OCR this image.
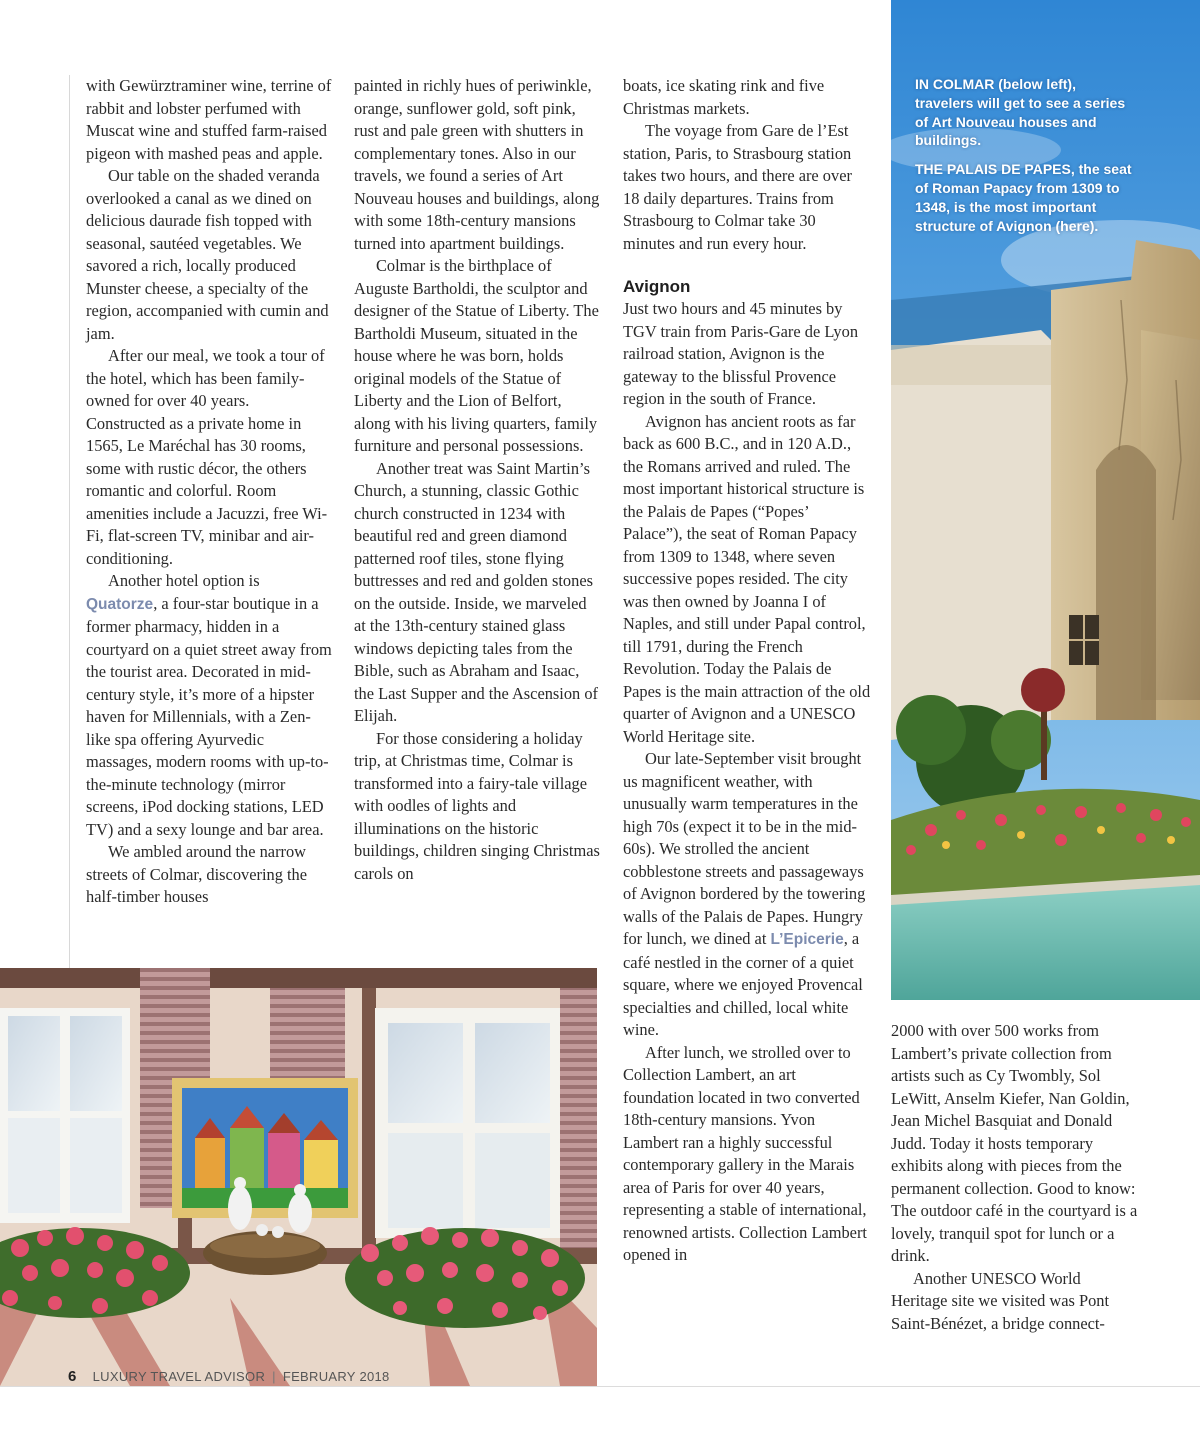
with Gewürztraminer wine, terrine of rabbit and lobster perfumed with Muscat wine and stuffed farm-raised pigeon with mashed peas and apple.

Our table on the shaded veranda overlooked a canal as we dined on delicious daurade fish topped with seasonal, sautéed vegetables. We savored a rich, locally produced Munster cheese, a specialty of the region, accompanied with cumin and jam.

After our meal, we took a tour of the hotel, which has been family-owned for over 40 years. Constructed as a private home in 1565, Le Maréchal has 30 rooms, some with rustic décor, the others romantic and colorful. Room amenities include a Jacuzzi, free Wi-Fi, flat-screen TV, minibar and air-conditioning.

Another hotel option is Quatorze, a four-star boutique in a former pharmacy, hidden in a courtyard on a quiet street away from the tourist area. Decorated in mid-century style, it’s more of a hipster haven for Millennials, with a Zen-like spa offering Ayurvedic massages, modern rooms with up-to-the-minute technology (mirror screens, iPod docking stations, LED TV) and a sexy lounge and bar area.

We ambled around the narrow streets of Colmar, discovering the half-timber houses

painted in richly hues of periwinkle, orange, sunflower gold, soft pink, rust and pale green with shutters in complementary tones. Also in our travels, we found a series of Art Nouveau houses and buildings, along with some 18th-century mansions turned into apartment buildings.

Colmar is the birthplace of Auguste Bartholdi, the sculptor and designer of the Statue of Liberty. The Bartholdi Museum, situated in the house where he was born, holds original models of the Statue of Liberty and the Lion of Belfort, along with his living quarters, family furniture and personal possessions.

Another treat was Saint Martin’s Church, a stunning, classic Gothic church constructed in 1234 with beautiful red and green diamond patterned roof tiles, stone flying buttresses and red and golden stones on the outside. Inside, we marveled at the 13th-century stained glass windows depicting tales from the Bible, such as Abraham and Isaac, the Last Supper and the Ascension of Elijah.

For those considering a holiday trip, at Christmas time, Colmar is transformed into a fairy-tale village with oodles of lights and illuminations on the historic buildings, children singing Christmas carols on

boats, ice skating rink and five Christmas markets.

The voyage from Gare de l’Est station, Paris, to Strasbourg station takes two hours, and there are over 18 daily departures. Trains from Strasbourg to Colmar take 30 minutes and run every hour.

Avignon

Just two hours and 45 minutes by TGV train from Paris-Gare de Lyon railroad station, Avignon is the gateway to the blissful Provence region in the south of France.

Avignon has ancient roots as far back as 600 B.C., and in 120 A.D., the Romans arrived and ruled. The most important historical structure is the Palais de Papes (“Popes’ Palace”), the seat of Roman Papacy from 1309 to 1348, where seven successive popes resided. The city was then owned by Joanna I of Naples, and still under Papal control, till 1791, during the French Revolution. Today the Palais de Papes is the main attraction of the old quarter of Avignon and a UNESCO World Heritage site.

Our late-September visit brought us magnificent weather, with unusually warm temperatures in the high 70s (expect it to be in the mid-60s). We strolled the ancient cobblestone streets and passageways of Avignon bordered by the towering walls of the Palais de Papes. Hungry for lunch, we dined at L’Epicerie, a café nestled in the corner of a quiet square, where we enjoyed Provencal specialties and chilled, local white wine.

After lunch, we strolled over to Collection Lambert, an art foundation located in two converted 18th-century mansions. Yvon Lambert ran a highly successful contemporary gallery in the Marais area of Paris for over 40 years, representing a stable of international, renowned artists. Collection Lambert opened in

2000 with over 500 works from Lambert’s private collection from artists such as Cy Twombly, Sol LeWitt, Anselm Kiefer, Nan Goldin, Jean Michel Basquiat and Donald Judd. Today it hosts temporary exhibits along with pieces from the permanent collection. Good to know: The outdoor café in the courtyard is a lovely, tranquil spot for lunch or a drink.

Another UNESCO World Heritage site we visited was Pont Saint-Bénézet, a bridge connect-

IN COLMAR (below left), travelers will get to see a series of Art Nouveau houses and buildings.

THE PALAIS DE PAPES, the seat of Roman Papacy from 1309 to 1348, is the most important structure of Avignon (here).

6 LUXURY TRAVEL ADVISOR | FEBRUARY 2018
